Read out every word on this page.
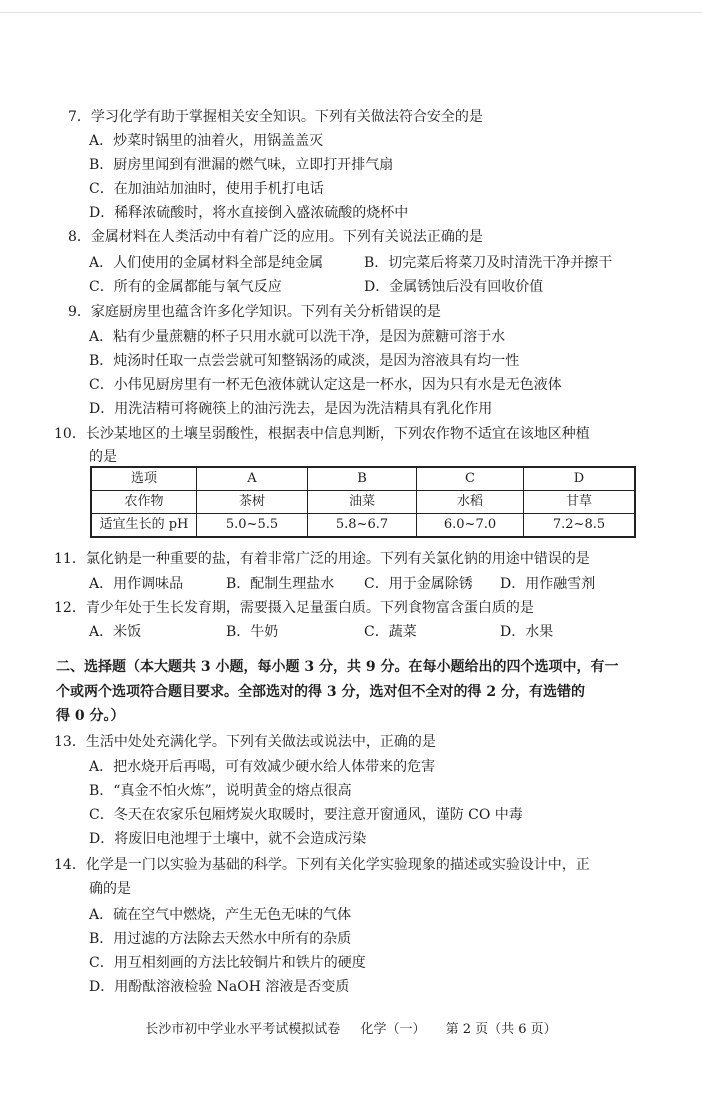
7．学习化学有助于掌握相关安全知识。下列有关做法符合安全的是
A．炒菜时锅里的油着火，用锅盖盖灭
B．厨房里闻到有泄漏的燃气味，立即打开排气扇
C．在加油站加油时，使用手机打电话
D．稀释浓硫酸时，将水直接倒入盛浓硫酸的烧杯中
8．金属材料在人类活动中有着广泛的应用。下列有关说法正确的是
A．人们使用的金属材料全部是纯金属	B．切完菜后将菜刀及时清洗干净并擦干
C．所有的金属都能与氧气反应	D．金属锈蚀后没有回收价值
9．家庭厨房里也蕴含许多化学知识。下列有关分析错误的是
A．粘有少量蔗糖的杯子只用水就可以洗干净，是因为蔗糖可溶于水
B．炖汤时任取一点尝尝就可知整锅汤的咸淡，是因为溶液具有均一性
C．小伟见厨房里有一杯无色液体就认定这是一杯水，因为只有水是无色液体
D．用洗洁精可将碗筷上的油污洗去，是因为洗洁精具有乳化作用
10．长沙某地区的土壤呈弱酸性，根据表中信息判断，下列农作物不适宜在该地区种植
的是
选项	A	B	C	D
农作物	茶树	油菜	水稻	甘草
适宜生长的 pH	5.0~5.5	5.8~6.7	6.0~7.0	7.2~8.5
11．氯化钠是一种重要的盐，有着非常广泛的用途。下列有关氯化钠的用途中错误的是
A．用作调味品	B．配制生理盐水 C．用于金属除锈 D．用作融雪剂
12．青少年处于生长发育期，需要摄入足量蛋白质。下列食物富含蛋白质的是
A．米饭	B．牛奶	C．蔬菜	D．水果
二、选择题（本大题共 3 小题，每小题 3 分，共 9 分。在每小题给出的四个选项中，有一
个或两个选项符合题目要求。全部选对的得 3 分，选对但不全对的得 2 分，有选错的
得 0 分。）
13．生活中处处充满化学。下列有关做法或说法中，正确的是
A．把水烧开后再喝，可有效减少硬水给人体带来的危害
B．“真金不怕火炼”，说明黄金的熔点很高
C．冬天在农家乐包厢烤炭火取暖时，要注意开窗通风，谨防 CO 中毒
D．将废旧电池埋于土壤中，就不会造成污染
14．化学是一门以实验为基础的科学。下列有关化学实验现象的描述或实验设计中，正
确的是
A．硫在空气中燃烧，产生无色无味的气体
B．用过滤的方法除去天然水中所有的杂质
C．用互相刻画的方法比较铜片和铁片的硬度
D．用酚酞溶液检验 NaOH 溶液是否变质
长沙市初中学业水平考试模拟试卷 化学（一） 第 2 页（共 6 页）
